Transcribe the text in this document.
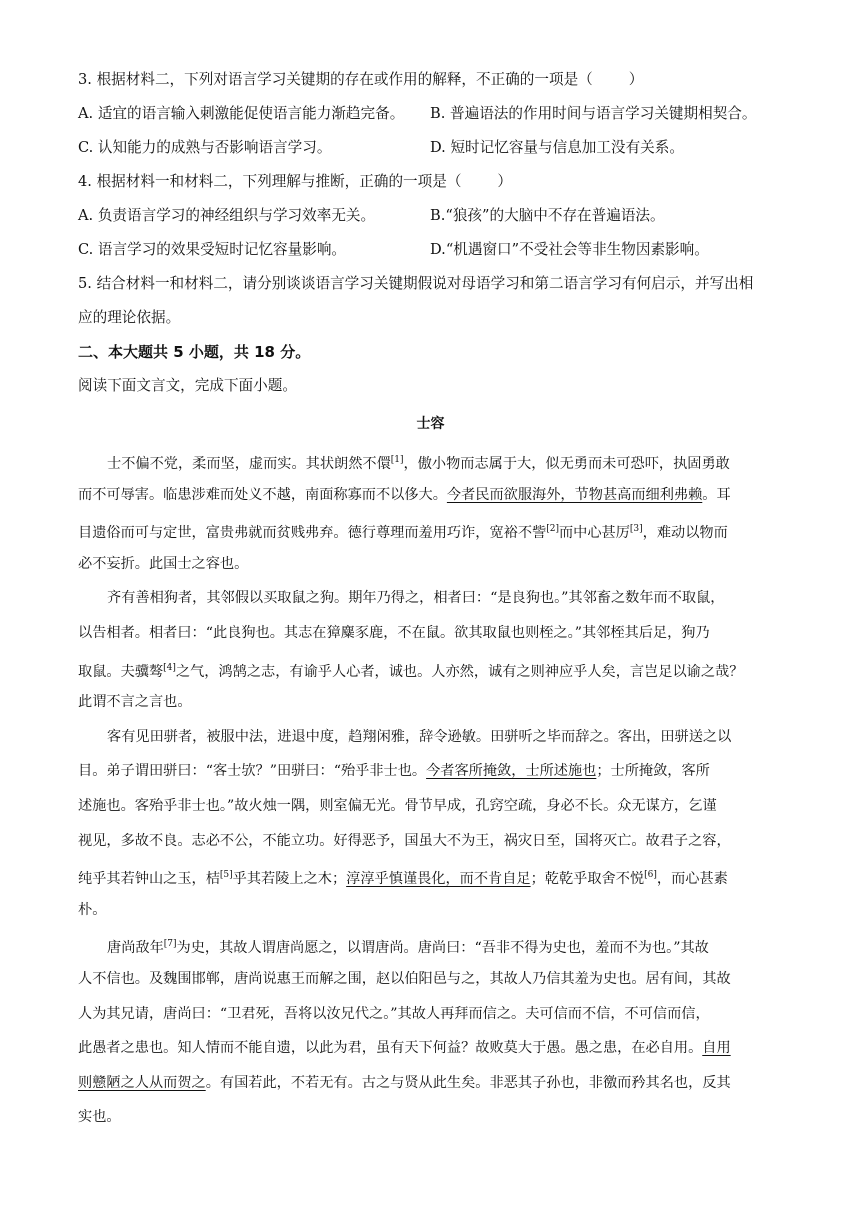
3. 根据材料二，下列对语言学习关键期的存在或作用的解释，不正确的一项是（ ）
A. 适宜的语言输入刺激能促使语言能力渐趋完备。	B. 普遍语法的作用时间与语言学习关键期相契合。
C. 认知能力的成熟与否影响语言学习。	D. 短时记忆容量与信息加工没有关系。
4. 根据材料一和材料二，下列理解与推断，正确的一项是（ ）
A. 负责语言学习的神经组织与学习效率无关。	B.“狼孩”的大脑中不存在普遍语法。
C. 语言学习的效果受短时记忆容量影响。	D.“机遇窗口”不受社会等非生物因素影响。
5. 结合材料一和材料二，请分别谈谈语言学习关键期假说对母语学习和第二语言学习有何启示，并写出相
应的理论依据。
二、本大题共 5 小题，共 18 分。
阅读下面文言文，完成下面小题。
士容
士不偏不党，柔而坚，虚而实。其状朗然不儇[1]，傲小物而志属于大，似无勇而未可恐吓，执固勇敢
而不可辱害。临患涉难而处义不越，南面称寡而不以侈大。今者民而欲服海外，节物甚高而细利弗赖。耳
目遗俗而可与定世，富贵弗就而贫贱弗弃。德行尊理而羞用巧诈，宽裕不訾[2]而中心甚厉[3]，难动以物而
必不妄折。此国士之容也。
齐有善相狗者，其邻假以买取鼠之狗。期年乃得之，相者曰：“是良狗也。”其邻畜之数年而不取鼠，
以告相者。相者曰：“此良狗也。其志在獐麋豕鹿，不在鼠。欲其取鼠也则桎之。”其邻桎其后足，狗乃
取鼠。夫骥骜[4]之气，鸿鹄之志，有谕乎人心者，诚也。人亦然，诚有之则神应乎人矣，言岂足以谕之哉？
此谓不言之言也。
客有见田骈者，被服中法，进退中度，趋翔闲雅，辞令逊敏。田骈听之毕而辞之。客出，田骈送之以
目。弟子谓田骈曰：“客士欤？”田骈曰：“殆乎非士也。今者客所掩敛，士所述施也；士所掩敛，客所
述施也。客殆乎非士也。”故火烛一隅，则室偏无光。骨节早成，孔窍空疏，身必不长。众无谋方，乞谨
视见，多故不良。志必不公，不能立功。好得恶予，国虽大不为王，祸灾日至，国将灭亡。故君子之容，
纯乎其若钟山之玉，桔[5]乎其若陵上之木；淳淳乎慎谨畏化，而不肯自足；乾乾乎取舍不悦[6]，而心甚素
朴。
唐尚敌年[7]为史，其故人谓唐尚愿之，以谓唐尚。唐尚曰：“吾非不得为史也，羞而不为也。”其故
人不信也。及魏围邯郸，唐尚说惠王而解之围，赵以伯阳邑与之，其故人乃信其羞为史也。居有间，其故
人为其兄请，唐尚曰：“卫君死，吾将以汝兄代之。”其故人再拜而信之。夫可信而不信，不可信而信，
此愚者之患也。知人情而不能自遗，以此为君，虽有天下何益？故败莫大于愚。愚之患，在必自用。自用
则戆陋之人从而贺之。有国若此，不若无有。古之与贤从此生矣。非恶其子孙也，非徼而矜其名也，反其
实也。
